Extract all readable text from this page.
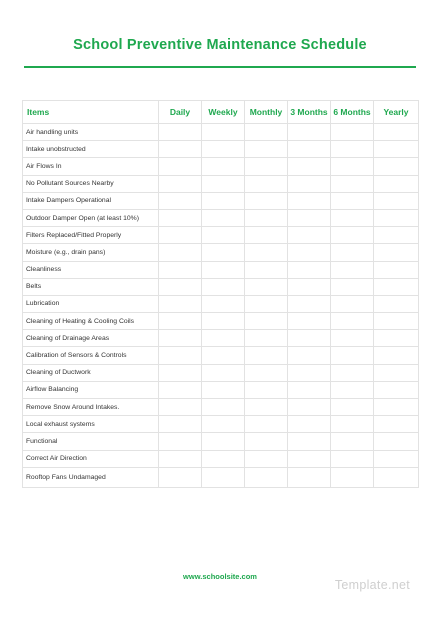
School Preventive Maintenance Schedule
Items	Daily	Weekly	Monthly	3 Months	6 Months	Yearly
Air handling units						
Intake unobstructed						
Air Flows In						
No Pollutant Sources Nearby						
Intake Dampers Operational						
Outdoor Damper Open (at least 10%)						
Filters Replaced/Fitted Properly						
Moisture (e.g., drain pans)						
Cleanliness						
Belts						
Lubrication						
Cleaning of Heating & Cooling Coils						
Cleaning of Drainage Areas						
Calibration of Sensors & Controls						
Cleaning of Ductwork						
Airflow Balancing						
Remove Snow Around Intakes.						
Local exhaust systems						
Functional						
Correct Air Direction						
Rooftop Fans Undamaged						
www.schoolsite.com
Template.net
